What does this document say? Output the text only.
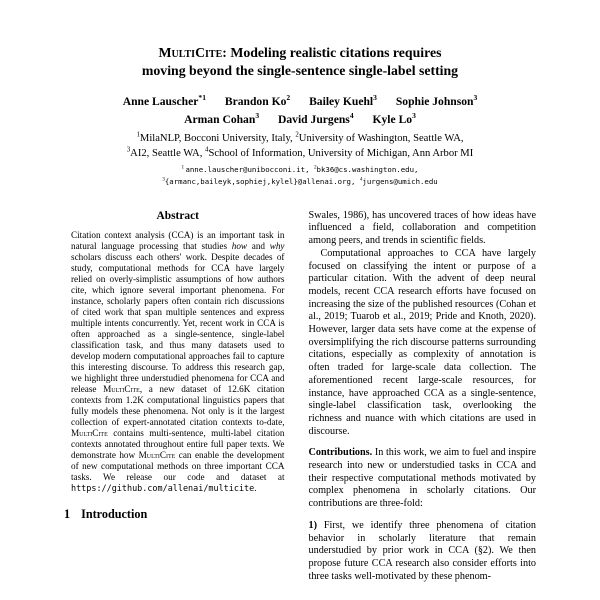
MultiCite: Modeling realistic citations requires
moving beyond the single-sentence single-label setting
Anne Lauscher$^{*1}$ Brandon Ko$^2$ Bailey Kuehl$^3$ Sophie Johnson$^3$
Arman Cohan$^3$ David Jurgens$^4$ Kyle Lo$^3$
$^1$MilaNLP, Bocconi University, Italy, $^2$University of Washington, Seattle WA,
$^3$AI2, Seattle WA, $^4$School of Information, University of Michigan, Ann Arbor MI
$^1$ anne.lauscher@unibocconi.it, $^2$bk36@cs.washington.edu,
$^3${armanc,baileyk,sophiej,kylel}@allenai.org, $^4$jurgens@umich.edu
Abstract
Citation context analysis (CCA) is an important task in natural language processing that studies how and why scholars discuss each others' work. Despite decades of study, computational methods for CCA have largely relied on overly-simplistic assumptions of how authors cite, which ignore several important phenomena. For instance, scholarly papers often contain rich discussions of cited work that span multiple sentences and express multiple intents concurrently. Yet, recent work in CCA is often approached as a single-sentence, single-label classification task, and thus many datasets used to develop modern computational approaches fail to capture this interesting discourse. To address this research gap, we highlight three understudied phenomena for CCA and release MultiCite, a new dataset of 12.6K citation contexts from 1.2K computational linguistics papers that fully models these phenomena. Not only is it the largest collection of expert-annotated citation contexts to-date, MultiCite contains multi-sentence, multi-label citation contexts annotated throughout entire full paper texts. We demonstrate how MultiCite can enable the development of new computational methods on three important CCA tasks. We release our code and dataset at https://github.com/allenai/multicite.
1 Introduction

Swales, 1986), has uncovered traces of how ideas have influenced a field, collaboration and competition among peers, and trends in scientific fields.

Computational approaches to CCA have largely focused on classifying the intent or purpose of a particular citation. With the advent of deep neural models, recent CCA research efforts have focused on increasing the size of the published resources (Cohan et al., 2019; Tuarob et al., 2019; Pride and Knoth, 2020). However, larger data sets have come at the expense of oversimplifying the rich discourse patterns surrounding citations, especially as complexity of annotation is often traded for large-scale data collection. The aforementioned recent large-scale resources, for instance, have approached CCA as a single-sentence, single-label classification task, overlooking the richness and nuance with which citations are used in discourse.

Contributions. In this work, we aim to fuel and inspire research into new or understudied tasks in CCA and their respective computational methods motivated by complex phenomena in scholarly citations. Our contributions are three-fold:

1) First, we identify three phenomena of citation behavior in scholarly literature that remain understudied by prior work in CCA (§2). We then propose future CCA research also consider efforts into three tasks well-motivated by these phenom-
